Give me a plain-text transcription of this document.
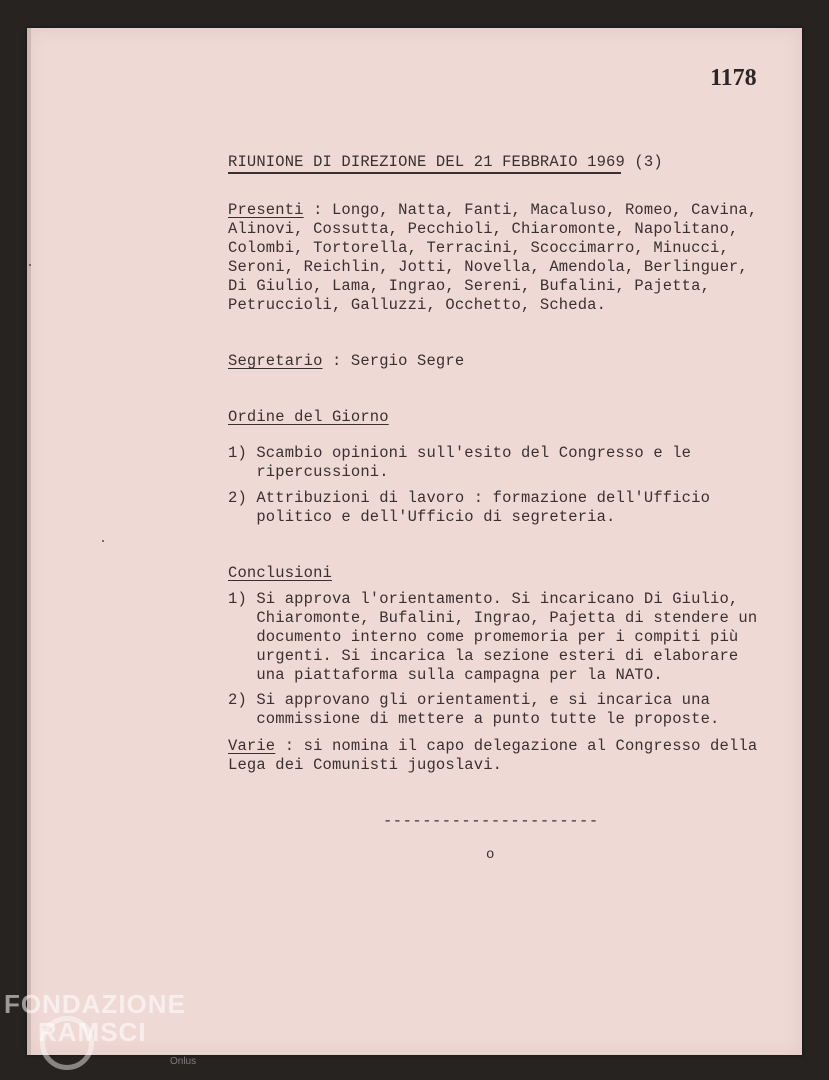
1178
RIUNIONE DI DIREZIONE DEL 21 FEBBRAIO 1969 (3)
Presenti : Longo, Natta, Fanti, Macaluso, Romeo, Cavina,
Alinovi, Cossutta, Pecchioli, Chiaromonte, Napolitano,
Colombi, Tortorella, Terracini, Scoccimarro, Minucci,
Seroni, Reichlin, Jotti, Novella, Amendola, Berlinguer,
Di Giulio, Lama, Ingrao, Sereni, Bufalini, Pajetta,
Petruccioli, Galluzzi, Occhetto, Scheda.
Segretario : Sergio Segre
Ordine del Giorno
1) Scambio opinioni sull'esito del Congresso e le
ripercussioni.
2) Attribuzioni di lavoro : formazione dell'Ufficio
politico e dell'Ufficio di segreteria.
Conclusioni
1) Si approva l'orientamento. Si incaricano Di Giulio,
Chiaromonte, Bufalini, Ingrao, Pajetta di stendere un
documento interno come promemoria per i compiti più
urgenti. Si incarica la sezione esteri di elaborare
una piattaforma sulla campagna per la NATO.
2) Si approvano gli orientamenti, e si incarica una
commissione di mettere a punto tutte le proposte.
Varie : si nomina il capo delegazione al Congresso della
Lega dei Comunisti jugoslavi.
----------------------
o
FONDAZIONE
RAMSCI
Onlus
